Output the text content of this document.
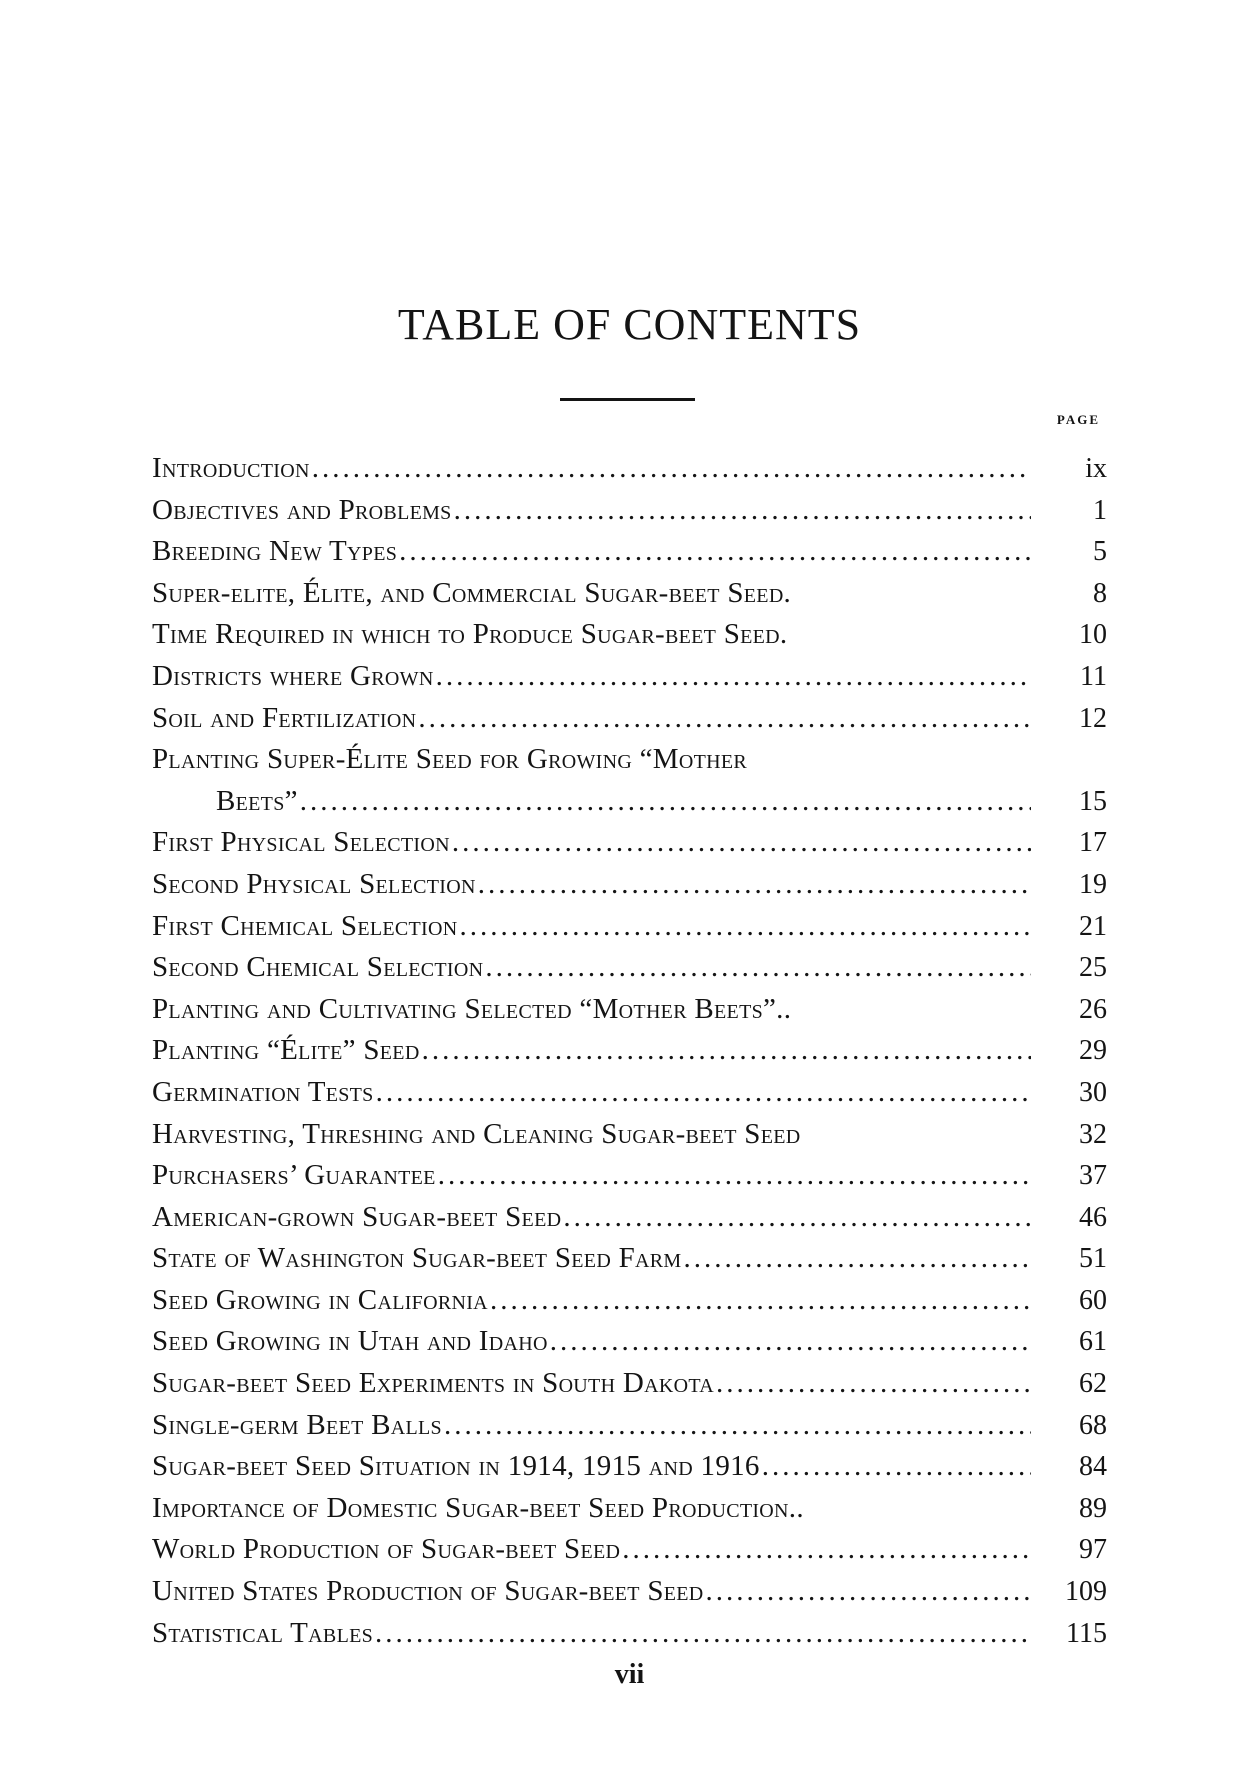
TABLE OF CONTENTS
PAGE
Introduction .....	ix
Objectives and Problems .....	1
Breeding New Types .....	5
Super-elite, Élite, and Commercial Sugar-beet Seed.	8
Time Required in which to Produce Sugar-beet Seed.	10
Districts where Grown .....	11
Soil and Fertilization .....	12
Planting Super-Élite Seed for Growing “Mother
Beets” .....	15
First Physical Selection .....	17
Second Physical Selection .....	19
First Chemical Selection .....	21
Second Chemical Selection .....	25
Planting and Cultivating Selected “Mother Beets”..	26
Planting “Élite” Seed .....	29
Germination Tests .....	30
Harvesting, Threshing and Cleaning Sugar-beet Seed	32
Purchasers’ Guarantee .....	37
American-grown Sugar-beet Seed .....	46
State of Washington Sugar-beet Seed Farm .....	51
Seed Growing in California .....	60
Seed Growing in Utah and Idaho .....	61
Sugar-beet Seed Experiments in South Dakota .....	62
Single-germ Beet Balls .....	68
Sugar-beet Seed Situation in 1914, 1915 and 1916 .....	84
Importance of Domestic Sugar-beet Seed Production..	89
World Production of Sugar-beet Seed .....	97
United States Production of Sugar-beet Seed .....	109
Statistical Tables .....	115
vii
